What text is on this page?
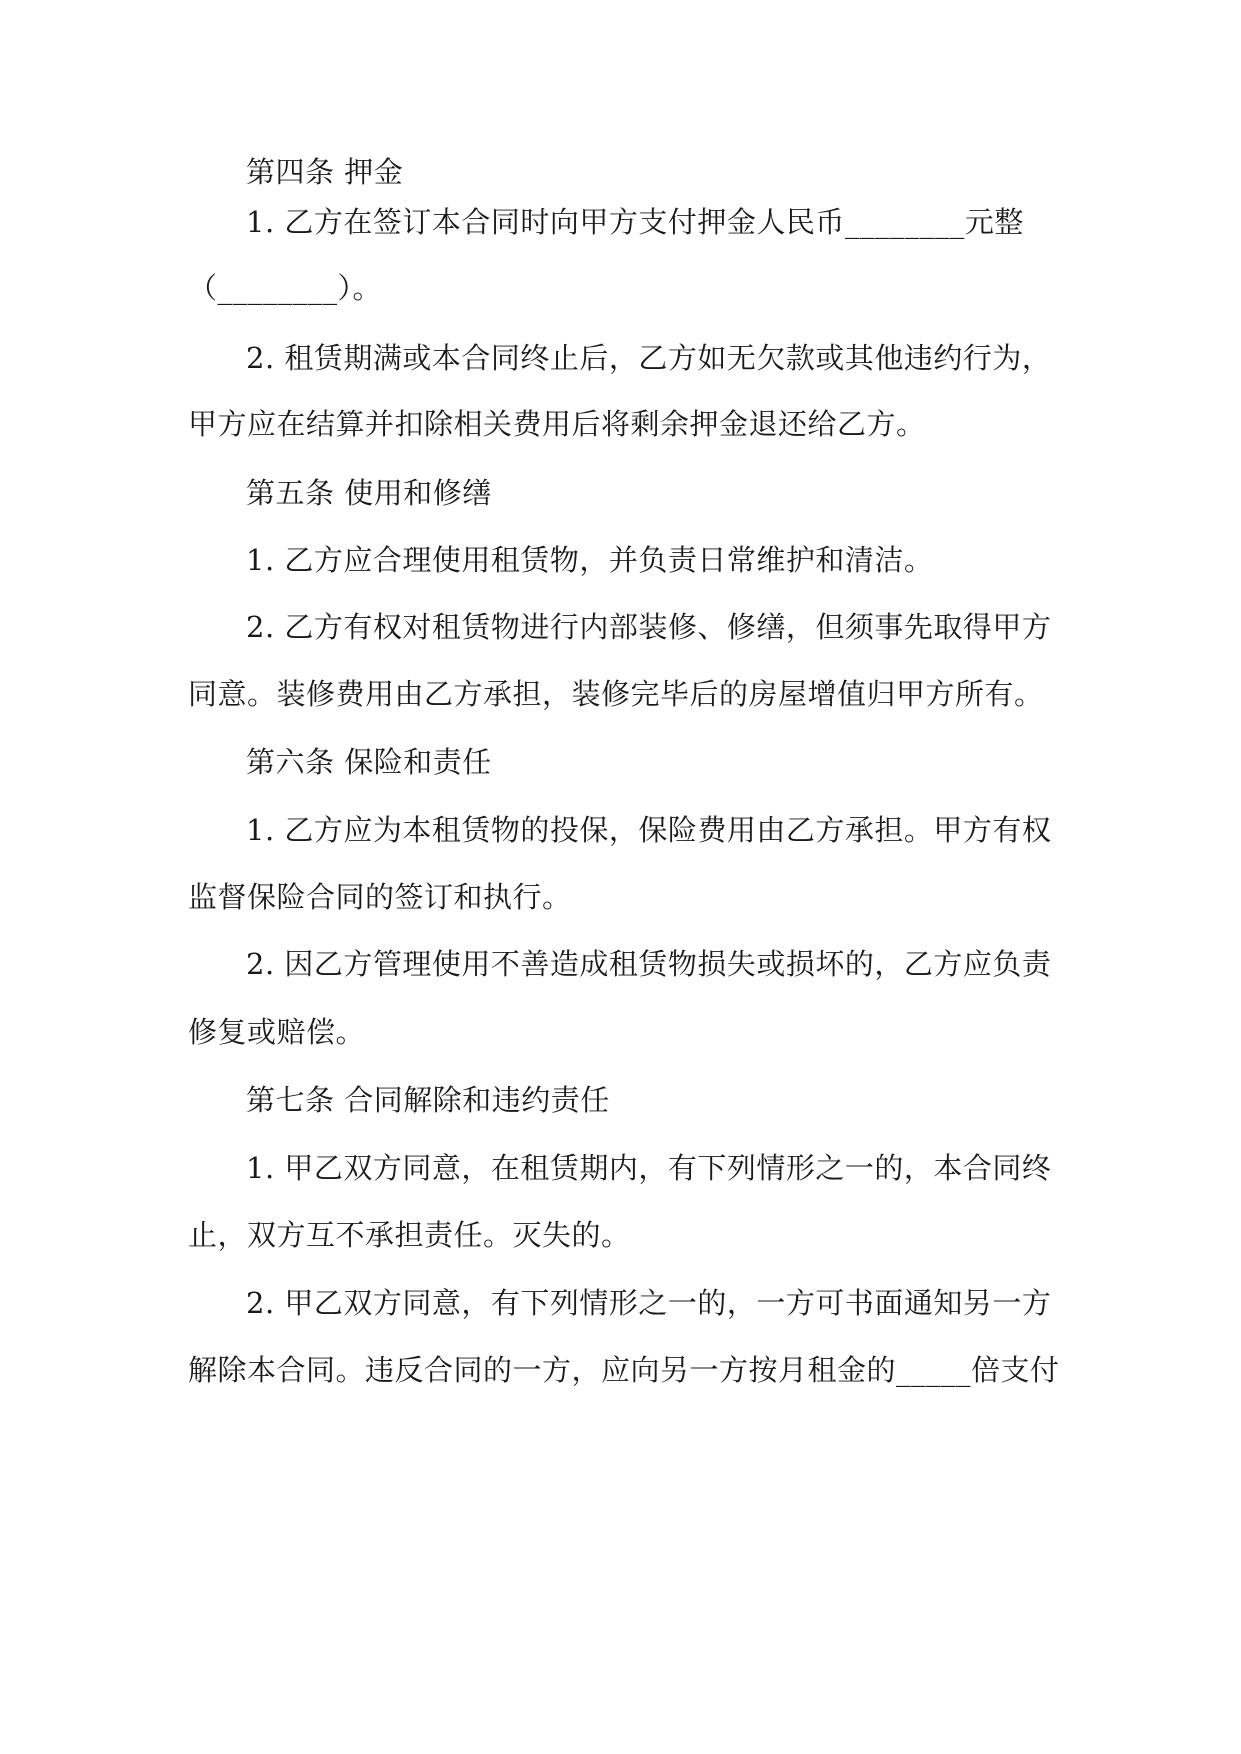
第四条 押金
1. 乙方在签订本合同时向甲方支付押金人民币________元整
（________）。
2. 租赁期满或本合同终止后，乙方如无欠款或其他违约行为，
甲方应在结算并扣除相关费用后将剩余押金退还给乙方。
第五条 使用和修缮
1. 乙方应合理使用租赁物，并负责日常维护和清洁。
2. 乙方有权对租赁物进行内部装修、修缮，但须事先取得甲方
同意。装修费用由乙方承担，装修完毕后的房屋增值归甲方所有。
第六条 保险和责任
1. 乙方应为本租赁物的投保，保险费用由乙方承担。甲方有权
监督保险合同的签订和执行。
2. 因乙方管理使用不善造成租赁物损失或损坏的，乙方应负责
修复或赔偿。
第七条 合同解除和违约责任
1. 甲乙双方同意，在租赁期内，有下列情形之一的，本合同终
止，双方互不承担责任。灭失的。
2. 甲乙双方同意，有下列情形之一的，一方可书面通知另一方
解除本合同。违反合同的一方，应向另一方按月租金的_____倍支付
